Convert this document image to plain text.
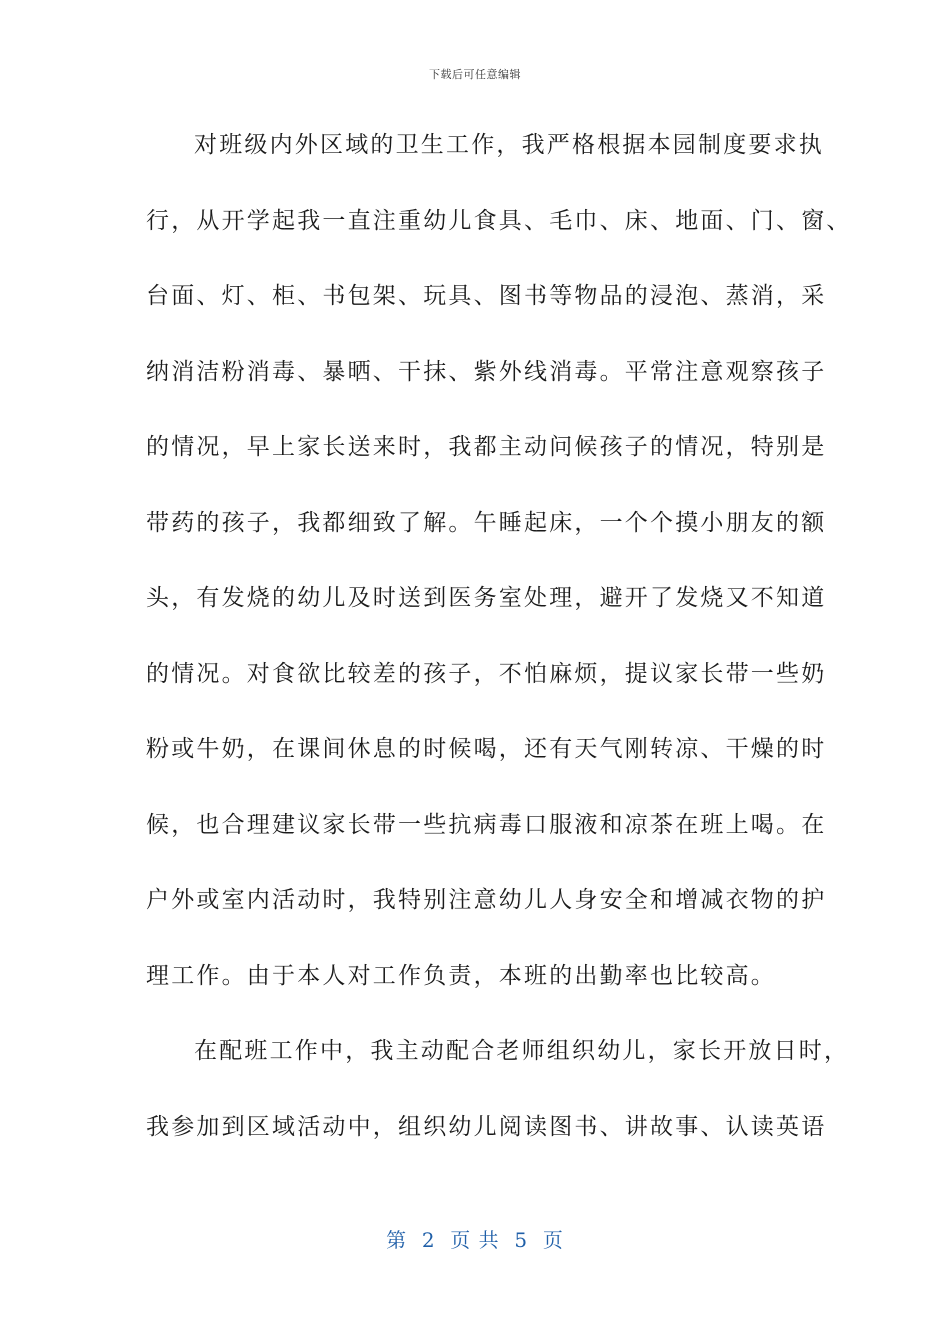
下载后可任意编辑
对班级内外区域的卫生工作，我严格根据本园制度要求执
行，从开学起我一直注重幼儿食具、毛巾、床、地面、门、窗、
台面、灯、柜、书包架、玩具、图书等物品的浸泡、蒸消，采
纳消洁粉消毒、暴晒、干抹、紫外线消毒。平常注意观察孩子
的情况，早上家长送来时，我都主动问候孩子的情况，特别是
带药的孩子，我都细致了解。午睡起床，一个个摸小朋友的额
头，有发烧的幼儿及时送到医务室处理，避开了发烧又不知道
的情况。对食欲比较差的孩子，不怕麻烦，提议家长带一些奶
粉或牛奶，在课间休息的时候喝，还有天气刚转凉、干燥的时
候，也合理建议家长带一些抗病毒口服液和凉茶在班上喝。在
户外或室内活动时，我特别注意幼儿人身安全和增减衣物的护
理工作。由于本人对工作负责，本班的出勤率也比较高。
在配班工作中，我主动配合老师组织幼儿，家长开放日时，
我参加到区域活动中，组织幼儿阅读图书、讲故事、认读英语
第  2  页 共  5  页
